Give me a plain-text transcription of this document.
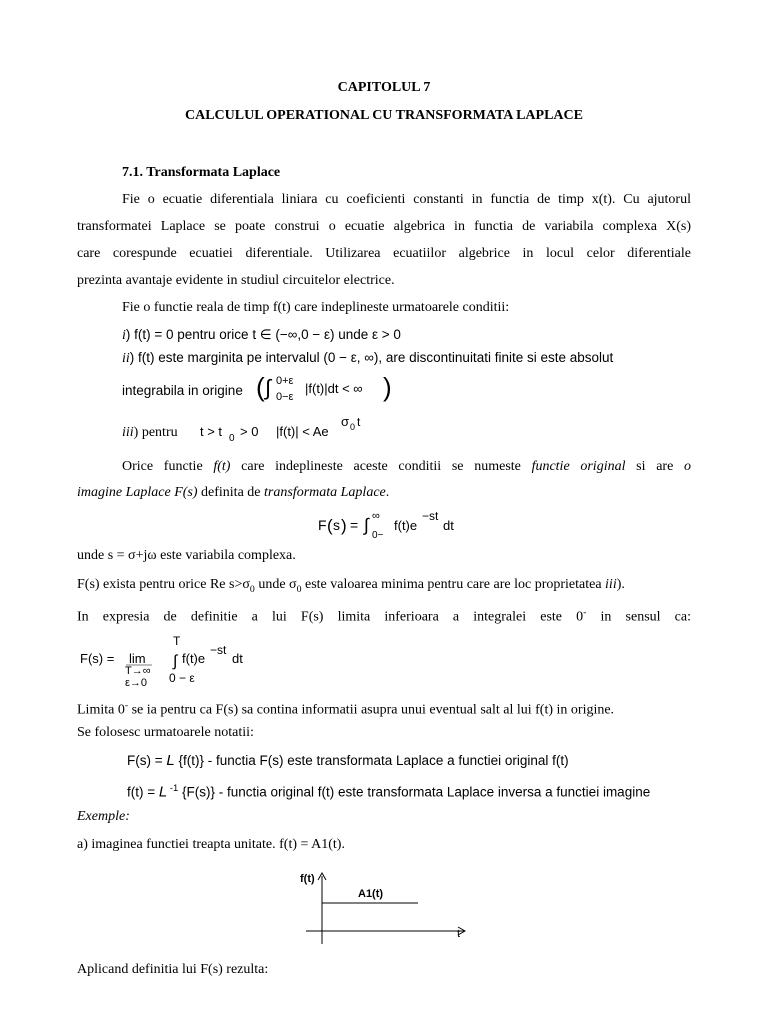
CAPITOLUL 7
CALCULUL OPERATIONAL CU TRANSFORMATA LAPLACE
7.1. Transformata Laplace
Fie o ecuatie diferentiala liniara cu coeficienti constanti in functia de timp x(t). Cu ajutorul
transformatei Laplace se poate construi o ecuatie algebrica in functia de variabila complexa X(s)
care corespunde ecuatiei diferentiale. Utilizarea ecuatiilor algebrice in locul celor diferentiale
prezinta avantaje evidente in studiul circuitelor electrice.
Fie o functie reala de timp f(t) care indeplineste urmatoarele conditii:
i) f(t) = 0 pentru orice t ∈ (−∞,0 − ε) unde ε > 0
ii) f(t) este marginita pe intervalul (0 − ε, ∞), are discontinuitati finite si este absolut
integrabila in origine ( ∫ 0+ε
0−ε
|f(t)|dt < ∞ )
iii) pentru	t > t 0 > 0 |f(t)| < Ae
σ 0 t
Orice functie f(t) care indeplineste aceste conditii se numeste functie original si are o
imagine Laplace F(s) definita de transformata Laplace.
F ( s ) = ∫ ∞
0−
f(t)e
−st
dt
unde s = σ+jω este variabila complexa.
F(s) exista pentru orice Re $s>\sigma_0$ unde $\sigma_0$ este valoarea minima pentru care are loc proprietatea iii).
In expresia de definitie a lui F(s) limita inferioara a integralei este 0- in sensul ca:
F(s) = lim
T→∞
ε→0
T
∫ f(t)e
−st
dt
0 − ε
Limita 0- se ia pentru ca F(s) sa contina informatii asupra unui eventual salt al lui f(t) in origine.
Se folosesc urmatoarele notatii:
F(s) = L {f(t)} - functia F(s) este transformata Laplace a functiei original f(t)
f(t) = L $^{-1}$ {F(s)} - functia original f(t) este transformata Laplace inversa a functiei imagine
Exemple:
a) imaginea functiei treapta unitate. f(t) = A1(t).
f(t)
t
A1(t)
Aplicand definitia lui F(s) rezulta:
